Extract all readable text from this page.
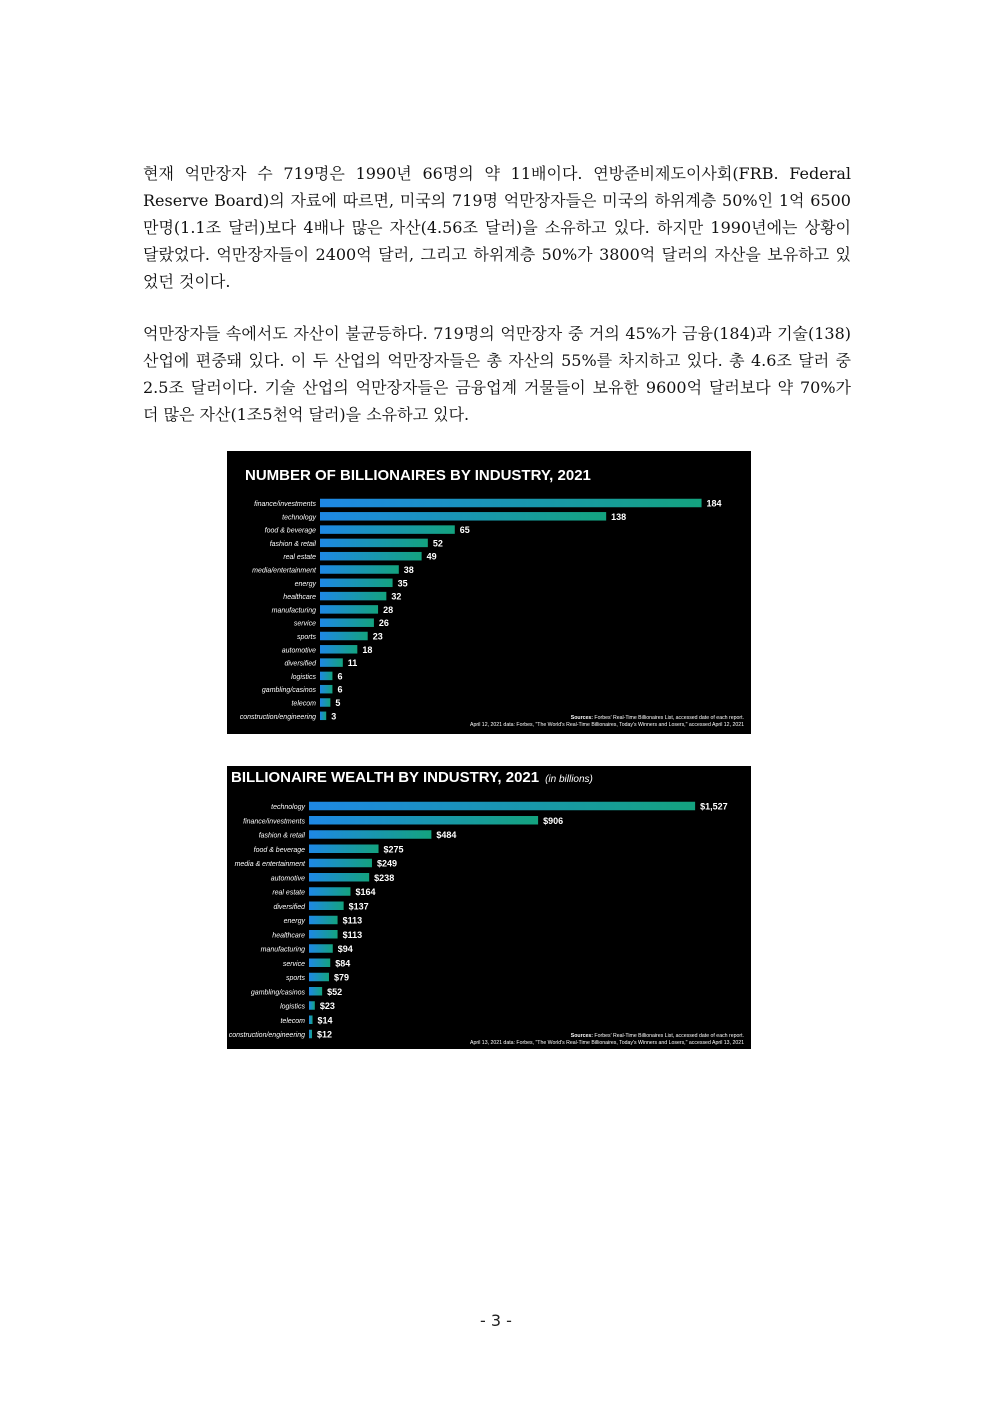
현재 억만장자 수 719명은 1990년 66명의 약 11배이다. 연방준비제도이사회(FRB. Federal Reserve Board)의 자료에 따르면, 미국의 719명 억만장자들은 미국의 하위계층 50%인 1억 6500만명(1.1조 달러)보다 4배나 많은 자산(4.56조 달러)을 소유하고 있다. 하지만 1990년에는 상황이 달랐었다. 억만장자들이 2400억 달러, 그리고 하위계층 50%가 3800억 달러의 자산을 보유하고 있었던 것이다.

억만장자들 속에서도 자산이 불균등하다. 719명의 억만장자 중 거의 45%가 금융(184)과 기술(138) 산업에 편중돼 있다. 이 두 산업의 억만장자들은 총 자산의 55%를 차지하고 있다. 총 4.6조 달러 중 2.5조 달러이다. 기술 산업의 억만장자들은 금융업계 거물들이 보유한 9600억 달러보다 약 70%가 더 많은 자산(1조5천억 달러)을 소유하고 있다.

NUMBER OF BILLIONAIRES BY INDUSTRY, 2021
finance/investments	184
technology	138
food & beverage	65
fashion & retail	52
real estate	49
media/entertainment	38
energy	35
healthcare	32
manufacturing	28
service	26
sports	23
automotive	18
diversified	11
logistics 6
gambling/casinos 6
telecom 5
construction/engineering 3	Sources: Forbes' Real-Time Billionaires List, accessed date of each report.
April 12, 2021 data: Forbes, "The World's Real-Time Billionaires, Today's Winners and Losers," accessed April 12, 2021
BILLIONAIRE WEALTH BY INDUSTRY, 2021 (in billions)
technology	$1,527
finance/investments	$906
fashion & retail	$484
food & beverage	$275
media & entertainment	$249
automotive	$238
real estate	$164
diversified	$137
energy	$113
healthcare	$113
manufacturing	$94
service	$84
sports	$79
gambling/casinos $52
logistics $23
telecom $14
construction/engineering $12	Sources: Forbes' Real-Time Billionaires List, accessed date of each report.
April 13, 2021 data: Forbes, "The World's Real-Time Billionaires, Today's Winners and Losers," accessed April 13, 2021
- 3 -
